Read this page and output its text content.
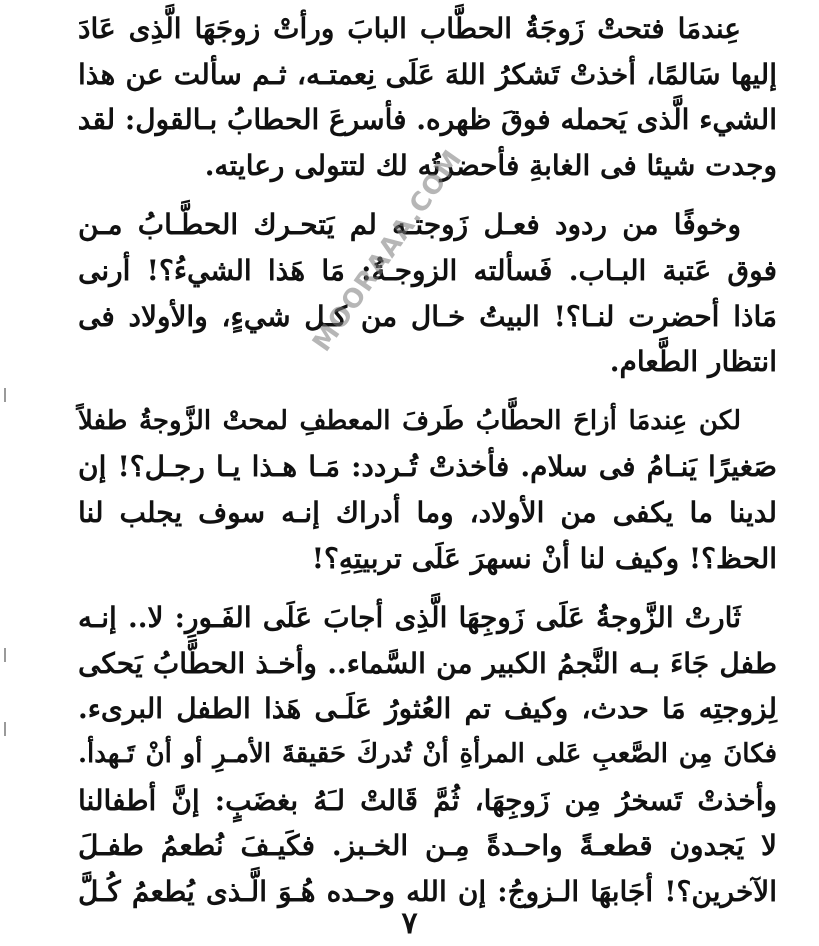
عِندمَا فتحتْ زَوجَةُ الحطَّاب البابَ ورأتْ زوجَهَا الَّذِى عَادَ
إليها سَالمًا، أخذتْ تَشكرُ اللهَ عَلَى نِعمتـه، ثـم سألت عن هذا
الشيء الَّذى يَحمله فوقَ ظهره. فأسرعَ الحطابُ بـالقول: لقد
وجدت شيئا فى الغابةِ فأحضرتُه لك لتتولى رعايته.
وخوفًا من ردود فعـل زَوجتـه لم يَتحـرك الحطَّـابُ مـن
فوق عَتبة البـاب. فَسألته الزوجـةُ: مَا هَذا الشيءُ؟! أرنى
مَاذا أحضرت لنـا؟! البيتُ خـال من كـل شيءٍ، والأولاد فى
انتظار الطَّعام.
لكن عِندمَا أزاحَ الحطَّابُ طَرفَ المعطفِ لمحتْ الزَّوجةُ طفلاً
صَغيرًا يَنـامُ فى سلام. فأخذتْ تُـردد: مَـا هـذا يـا رجـل؟! إن
لدينا ما يكفى من الأولاد، وما أدراك إنـه سوف يجلب لنا
الحظ؟! وكيف لنا أنْ نسهرَ عَلَى تربيتِهِ؟!
ثَارتْ الزَّوجةُ عَلَى زَوجِهَا الَّذِى أجابَ عَلَى الفَـورِ: لا.. إنـه
طفل جَاءَ بـه النَّجمُ الكبير من السَّماء.. وأخـذ الحطَّابُ يَحكى
لِزوجتِه مَا حدث، وكيف تم العُثورُ عَلَـى هَذا الطفل البرىء.
فكانَ مِن الصَّعبِ عَلى المرأةِ أنْ تُدركَ حَقيقةَ الأمـرِ أو أنْ تَـهدأ.
وأخذتْ تَسخرُ مِن زَوجِهَا، ثُمَّ قَالتْ لـَهُ بغضَبٍ: إنَّ أطفالنا
لا يَجدون قطعـةً واحـدةً مِـن الخـبز. فكَيـفَ نُطعمُ طفـلَ
الآخرين؟! أجَابهَا الـزوجُ: إن الله وحـده هُـوَ الَّـذى يُطعمُ كُـلَّ
MOORAAA.COM
٧
